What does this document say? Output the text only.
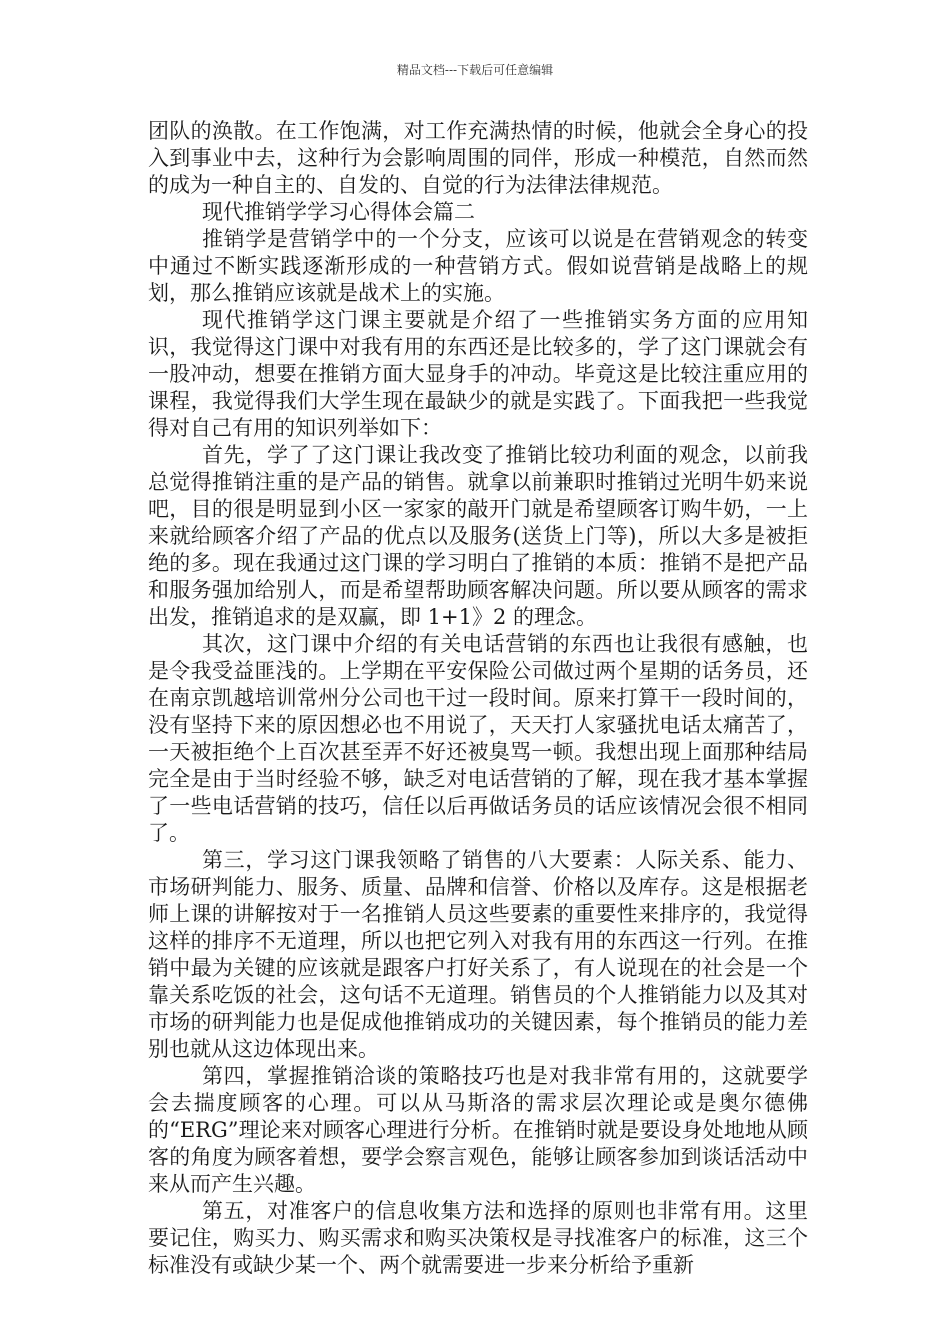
精品文档---下载后可任意编辑

团队的涣散。在工作饱满，对工作充满热情的时候，他就会全身心的投入到事业中去，这种行为会影响周围的同伴，形成一种模范，自然而然的成为一种自主的、自发的、自觉的行为法律法律规范。

现代推销学学习心得体会篇二

推销学是营销学中的一个分支，应该可以说是在营销观念的转变中通过不断实践逐渐形成的一种营销方式。假如说营销是战略上的规划，那么推销应该就是战术上的实施。

现代推销学这门课主要就是介绍了一些推销实务方面的应用知识，我觉得这门课中对我有用的东西还是比较多的，学了这门课就会有一股冲动，想要在推销方面大显身手的冲动。毕竟这是比较注重应用的课程，我觉得我们大学生现在最缺少的就是实践了。下面我把一些我觉得对自己有用的知识列举如下：

首先，学了了这门课让我改变了推销比较功利面的观念，以前我总觉得推销注重的是产品的销售。就拿以前兼职时推销过光明牛奶来说吧，目的很是明显到小区一家家的敲开门就是希望顾客订购牛奶，一上来就给顾客介绍了产品的优点以及服务(送货上门等)，所以大多是被拒绝的多。现在我通过这门课的学习明白了推销的本质：推销不是把产品和服务强加给别人，而是希望帮助顾客解决问题。所以要从顾客的需求出发，推销追求的是双赢，即 1+1》2 的理念。

其次，这门课中介绍的有关电话营销的东西也让我很有感触，也是令我受益匪浅的。上学期在平安保险公司做过两个星期的话务员，还在南京凯越培训常州分公司也干过一段时间。原来打算干一段时间的，没有坚持下来的原因想必也不用说了，天天打人家骚扰电话太痛苦了，一天被拒绝个上百次甚至弄不好还被臭骂一顿。我想出现上面那种结局完全是由于当时经验不够，缺乏对电话营销的了解，现在我才基本掌握了一些电话营销的技巧，信任以后再做话务员的话应该情况会很不相同了。

第三，学习这门课我领略了销售的八大要素：人际关系、能力、市场研判能力、服务、质量、品牌和信誉、价格以及库存。这是根据老师上课的讲解按对于一名推销人员这些要素的重要性来排序的，我觉得这样的排序不无道理，所以也把它列入对我有用的东西这一行列。在推销中最为关键的应该就是跟客户打好关系了，有人说现在的社会是一个靠关系吃饭的社会，这句话不无道理。销售员的个人推销能力以及其对市场的研判能力也是促成他推销成功的关键因素，每个推销员的能力差别也就从这边体现出来。

第四，掌握推销洽谈的策略技巧也是对我非常有用的，这就要学会去揣度顾客的心理。可以从马斯洛的需求层次理论或是奥尔德佛的“ERG”理论来对顾客心理进行分析。在推销时就是要设身处地地从顾客的角度为顾客着想，要学会察言观色，能够让顾客参加到谈话活动中来从而产生兴趣。

第五，对准客户的信息收集方法和选择的原则也非常有用。这里要记住，购买力、购买需求和购买决策权是寻找准客户的标准，这三个标准没有或缺少某一个、两个就需要进一步来分析给予重新
